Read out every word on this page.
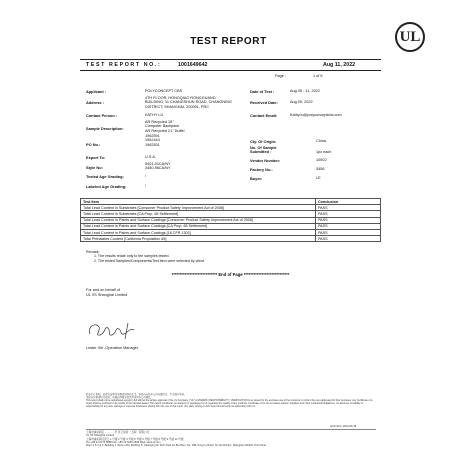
UL
TEST REPORT
TEST REPORT NO.:	1001649642	Aug 11, 2022
Page :	1 of 6
Applicant :	POLYCONCEPT CBS
Address :
4TH FLOOR, HONGQIAO RONGGUANG
BUILDING, 11 CHANGSHUN ROAD, CHANGNING
DISTRICT, SHANGHAI, 200051, PRC
Contact Person :	KATHY LU
Sample Description:
AR Recycled 15"
Computer Backpack
AR Recycled 21" Duffel
PO No.:
1962591
1962444
1962531
Export To:	U.S.A.
Style No:
5401-01CA/NY
3450-96CA/NY
Tested Age Grading:	/
Labeled Age Grading:	/
Date of Test :	Aug 05 - 11, 2022
Received Date:	Aug 05, 2022
Contact Email:	Kathy.lu@polyconceptcbs.com
Cty. Of Origin:	China
No. Of Sample Submitted :	1pc each
Vendor Number:	10502
Factory No.:	3456
Buyer:	LE
Test Item	Conclusion
Total Lead Content in Substrates [Consumer Product Safety Improvement Act of 2008]	PASS
Total Lead Content in Substrates [CA Prop. 65 Settlement]	PASS
Total Lead Content in Paints and Surface Coatings [Consumer Product Safety Improvement Act of 2008]	PASS
Total Lead Content in Paints and Surface Coatings [CA Prop. 65 Settlement]	PASS
Total Lead Content in Paints and Surface Coatings [16 CFR 1303]	PASS
Total Phthalates Content [California Proposition 65]	PASS
Remark:
1. The results relate only to the samples tested.
2. The tested Samples/Components/Test item were selected by client.
**************************** End of Page ****************************
For and on behalf of
UL VS Shanghai Limited
Lester Xie -Operation Manager
除非另有说明，此报告结果仅对测试的样品负责。本报告未经本公司书面许可，不可部分复制。
本报告仅供委托方使用，如需获得更多信息请访问本公司网站。
This report shall not be reproduced except in full without the written approval of the UL Company. ("UL") ULTERMS | RESPONSIBILITY | VERIFICATION is an issued for the exclusive use of the Customer to whom they are addressed for their purposes. Any Certificate of a report shall be confined to the results of the samples tested. This report constitutes no warranty or guarantee by UL regarding the quality of any products. Certificate of UL do not relieve sellers / suppliers from their contractual obligations. UL assumes no liability or responsibility for any loss, damage or expense howsoever arising from the use of this report. Any party relying on this report should verify its authenticity with UL.
QCP-013 / 2019-06-18
上海市浦东新区…………号 优艾实验（上海）有限公司
UL VS Shanghai Limited
上海市浦东新区张江 1 号楼 2 号楼 3 号楼 5 号楼 6 号楼 7 号楼 8 号楼 9 号楼 10 号楼
Tel: +86 21 6176 5888 Fax: +86 21 6091 6699 Web: www.ul.com
Floor 1 & 2 & 3, Building 1, Room 103, Building 5, Caohejing HI Tech Park Jiu Bei Rein, No. 188, Ping Fu Road, Xu Hui District, Shanghai 200231, P.R.China
